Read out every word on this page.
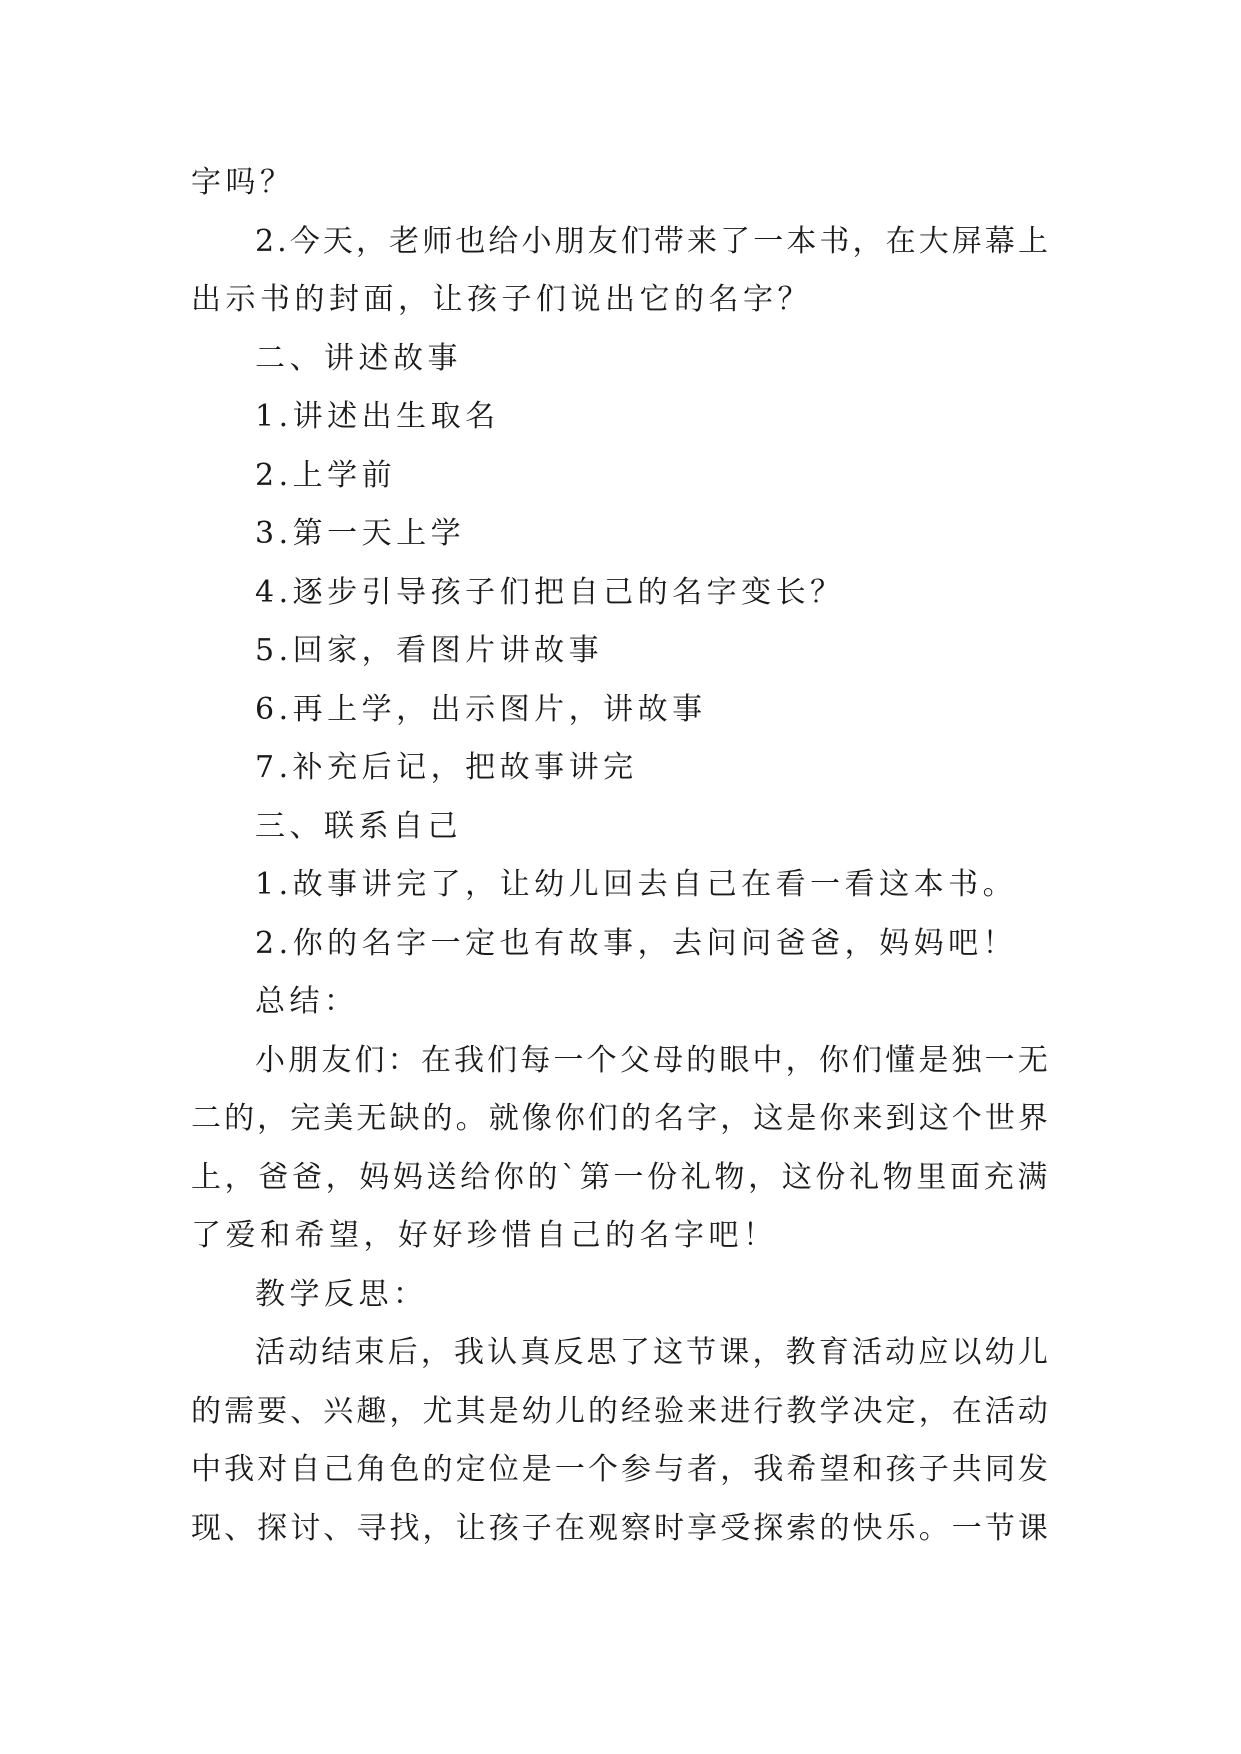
字吗？

2.今天，老师也给小朋友们带来了一本书，在大屏幕上

出示书的封面，让孩子们说出它的名字？

二、讲述故事

1.讲述出生取名

2.上学前

3.第一天上学

4.逐步引导孩子们把自己的名字变长？

5.回家，看图片讲故事

6.再上学，出示图片，讲故事

7.补充后记，把故事讲完

三、联系自己

1.故事讲完了，让幼儿回去自己在看一看这本书。

2.你的名字一定也有故事，去问问爸爸，妈妈吧！

总结：

小朋友们：在我们每一个父母的眼中，你们懂是独一无

二的，完美无缺的。就像你们的名字，这是你来到这个世界

上，爸爸，妈妈送给你的`第一份礼物，这份礼物里面充满

了爱和希望，好好珍惜自己的名字吧！

教学反思：

活动结束后，我认真反思了这节课，教育活动应以幼儿

的需要、兴趣，尤其是幼儿的经验来进行教学决定，在活动

中我对自己角色的定位是一个参与者，我希望和孩子共同发

现、探讨、寻找，让孩子在观察时享受探索的快乐。一节课
